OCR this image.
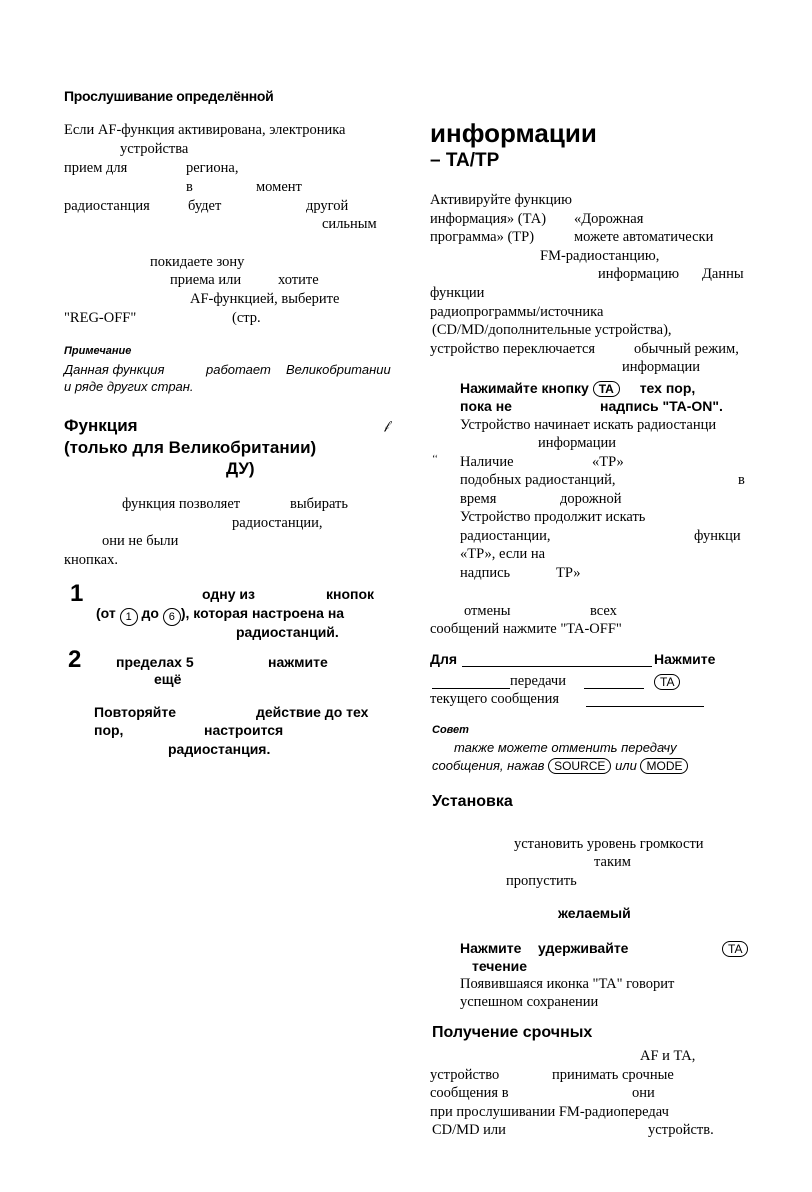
Прослушивание определённой
Если AF-функция активирована, электроника
устройства
прием для	региона,
в	момент
радиостанция	будет	другой
сильным
покидаете зону
приема или	хотите
AF-функцией, выберите
"REG-OFF"	(стр.
Примечание
Данная функция	работает Великобритании
и ряде других стран.
Функция	𝒻
(только для Великобритании)
ДУ)
функция позволяет	выбирать
радиостанции,
они не были
кнопках.
1	одну из	кнопок
(от 1 до 6 ), которая настроена на
радиостанций.
2 пределах 5	нажмите
ещё
Повторяйте	действие до тех
пор,	настроится
радиостанция.
информации
– TA/TP
Активируйте функцию
информация» (ТА) «Дорожная
программа» (ТР)	можете автоматически
FM-радиостанцию,
информацию Данны
функции
радиопрограммы/источника
(CD/MD/дополнительные устройства),
устройство переключается	обычный режим,
информации
Нажимайте кнопку TA тех пор,
пока не	надпись "TA-ON".
Устройство начинает искать радиостанци
информации
‘‘ Наличие	«ТР»
подобных радиостанций,	в
время	дорожной
Устройство продолжит искать
радиостанции,	функци
«ТР», если на
надпись	ТР»
отмены	всех
сообщений нажмите "TA-OFF"
Для	Нажмите
передачи	TA
текущего сообщения
Совет
также можете отменить передачу
сообщения, нажав SOURCE или MODE
Установка
установить уровень громкости
таким
пропустить
желаемый
Нажмите удерживайте	TA
течение
Появившаяся иконка "TA" говорит
успешном сохранении
Получение срочных
AF и TA,
устройство	принимать срочные
сообщения в	они
при прослушивании FM-радиопередач
CD/MD или	устройств.
